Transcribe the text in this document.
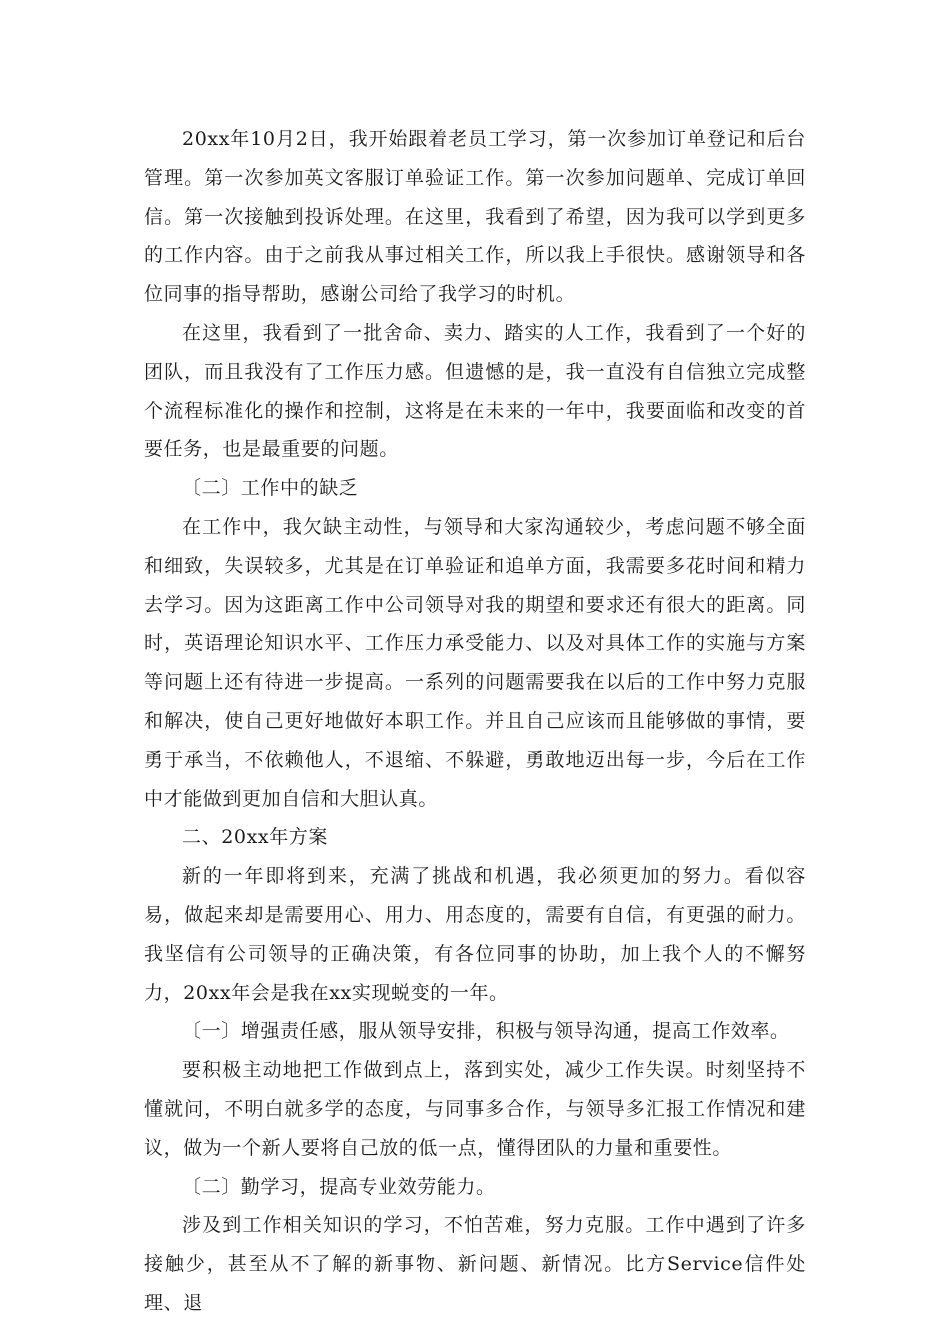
20xx年10月2日，我开始跟着老员工学习，第一次参加订单登记和后台管理。第一次参加英文客服订单验证工作。第一次参加问题单、完成订单回信。第一次接触到投诉处理。在这里，我看到了希望，因为我可以学到更多的工作内容。由于之前我从事过相关工作，所以我上手很快。感谢领导和各位同事的指导帮助，感谢公司给了我学习的时机。

在这里，我看到了一批舍命、卖力、踏实的人工作，我看到了一个好的团队，而且我没有了工作压力感。但遗憾的是，我一直没有自信独立完成整个流程标准化的操作和控制，这将是在未来的一年中，我要面临和改变的首要任务，也是最重要的问题。

〔二〕工作中的缺乏

在工作中，我欠缺主动性，与领导和大家沟通较少，考虑问题不够全面和细致，失误较多，尤其是在订单验证和追单方面，我需要多花时间和精力去学习。因为这距离工作中公司领导对我的期望和要求还有很大的距离。同时，英语理论知识水平、工作压力承受能力、以及对具体工作的实施与方案等问题上还有待进一步提高。一系列的问题需要我在以后的工作中努力克服和解决，使自己更好地做好本职工作。并且自己应该而且能够做的事情，要勇于承当，不依赖他人，不退缩、不躲避，勇敢地迈出每一步，今后在工作中才能做到更加自信和大胆认真。

二、20xx年方案

新的一年即将到来，充满了挑战和机遇，我必须更加的努力。看似容易，做起来却是需要用心、用力、用态度的，需要有自信，有更强的耐力。我坚信有公司领导的正确决策，有各位同事的协助，加上我个人的不懈努力，20xx年会是我在xx实现蜕变的一年。

〔一〕增强责任感，服从领导安排，积极与领导沟通，提高工作效率。

要积极主动地把工作做到点上，落到实处，减少工作失误。时刻坚持不懂就问，不明白就多学的态度，与同事多合作，与领导多汇报工作情况和建议，做为一个新人要将自己放的低一点，懂得团队的力量和重要性。

〔二〕勤学习，提高专业效劳能力。

涉及到工作相关知识的学习，不怕苦难，努力克服。工作中遇到了许多接触少，甚至从不了解的新事物、新问题、新情况。比方Service信件处理、退
